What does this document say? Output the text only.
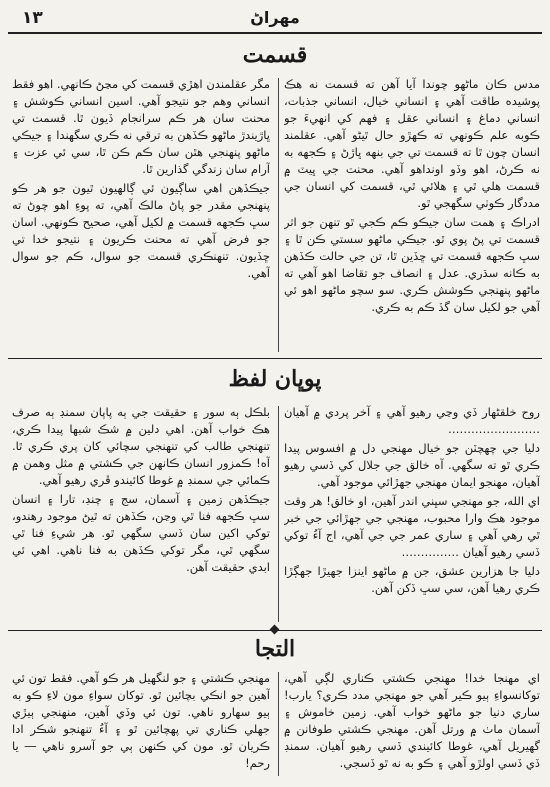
١٣	مهراڻ
قسمت

مدس ڪان ماڻهو چوندا آيا آهن ته قسمت نه هڪ پوشيده طاقت آهي ۽ انساني خيال، انساني جذبات، انساني دماغ ۽ انساني عقل ۽ فهم کي انهيءَ جو ڪوبه علم ڪونهي ته ڪهڙو حال ٿيڻو آهي. عقلمند انسان چون ٿا ته قسمت تي جي بنهه ڀاڙڻ ۽ ڪجهه به نه ڪرڻ، اهو وڏو اونداهو آهي. محنت جي ڀيٽ ۾ قسمت هلي ٿي ۽ هلائي ٿي، قسمت کي انسان جي مددگار ڪوٺي سگهجي ٿو.

ادراڪ ۽ همت سان جيڪو ڪم ڪجي ٿو تنهن جو اثر قسمت تي پڻ پوي ٿو. جيڪي ماڻهو سستي ڪن ٿا ۽ سڀ ڪجهه قسمت تي ڇڏين ٿا، تن جي حالت ڪڏهن به ڪانه سڌري. عدل ۽ انصاف جو تقاضا اهو آهي ته ماڻهو پنهنجي ڪوشش ڪري. سو سچو ماڻهو اهو ئي آهي جو لکيل سان گڏ ڪم به ڪري.

مگر عقلمندن اهڙي قسمت کي مڃڻ ڪانهي. اهو فقط انساني وهم جو نتيجو آهي. اسين انساني ڪوشش ۽ محنت سان هر ڪم سرانجام ڏيون ٿا. قسمت تي ڀاڙيندڙ ماڻهو ڪڏهن به ترقي نه ڪري سگهندا ۽ جيڪي ماڻهو پنهنجي هٿن سان ڪم ڪن ٿا، سي ئي عزت ۽ آرام سان زندگي گذارين ٿا.

جيڪڏهن اهي ساڳيون ئي ڳالهيون ٿيون جو هر ڪو پنهنجي مقدر جو پاڻ مالڪ آهي، ته پوءِ اهو چوڻ ته سڀ ڪجهه قسمت ۾ لکيل آهي، صحيح ڪونهي. اسان جو فرض آهي ته محنت ڪريون ۽ نتيجو خدا تي ڇڏيون. تنهنڪري قسمت جو سوال، ڪم جو سوال آهي.

پوڀان لفظ

روح خلقڻهار ڏي وڃي رهيو آهي ۽ آخر پردي ۾ آهيان ……………………

دليا جي چهچٽن جو خيال مهنجي دل ۾ افسوس پيدا ڪري ٿو ته سگهي. آه خالق جي جلال کي ڏسي رهيو آهيان، مهنجو ايمان مهنجي جهڙائي موجود آهي.

اي الله، جو مهنجي سڀني اندر آهين، او خالق! هر وقت موجود هڪ وارا محبوب، مهنجي جي جهڙائي جي خبر ٿي رهي آهي ۽ ساري عمر جي جي آهي، اج آءُ توکي ڏسي رهيو آهيان ……………

دليا جا هزارين عشق، جن ۾ ماڻهو اينزا جهيڙا جهڳڙا ڪري رهيا آهن، سي سڀ ڏکن آهن.

بلڪل ٻه سور ۽ حقيقت جي ٻه پاپان سمنڊ ٻه صرف هڪ خواب آهن. اهي دلين ۾ شڪ شبها پيدا ڪري، تنهنجي طالب کي تنهنجي سچائي کان پري ڪري ٿا. آه! ڪمزور انسان ڪانهن جي ڪشتي ۾ مثل وهمن ۾ ڪمائي جي سمنڊ ۾ غوطا کائيندو ڦري رهيو آهي.

جيڪڏهن زمين ۽ آسمان، سج ۽ چنڊ، تارا ۽ انسان سڀ ڪجهه فنا ٿي وڃن، ڪڏهن ته ٿيڻ موجود رهندو، توکي اکين سان ڏسي سگهي ٿو. هر شيءِ فنا ٿي سگهي ٿي، مگر توکي ڪڏهن به فنا ناهي. اهي ئي ابدي حقيقت آهن.

التجا

اي مهنجا خدا! مهنجي ڪشتي ڪناري لڳي آهي، توکانسواءِ ٻيو ڪير آهي جو مهنجي مدد ڪري؟ يارب! ساري دنيا جو ماڻهو خواب آهي. زمين خاموش ۽ آسمان ماٺ ۾ ورتل آهن. مهنجي ڪشتي طوفانن ۾ گهيريل آهي، غوطا کائيندي ڏسي رهيو آهيان. سمنڊ ڏي ڏسي اولڙو آهي ۽ ڪو به نه ٿو ڏسجي.

مهنجي ڪشتي ۽ جو لنگهيل هر ڪو آهي. فقط تون ئي آهين جو انڪي بچائين ٿو. توکان سواءِ مون لاءِ ڪو به ٻيو سهارو ناهي. تون ئي وڏي آهين، منهنجي ٻيڙي جهلي ڪناري تي پهچائين ٿو ۽ آءُ تنهنجو شڪر ادا ڪريان ٿو. مون کي ڪنهن ٻي جو آسرو ناهي ― يا رحم!
